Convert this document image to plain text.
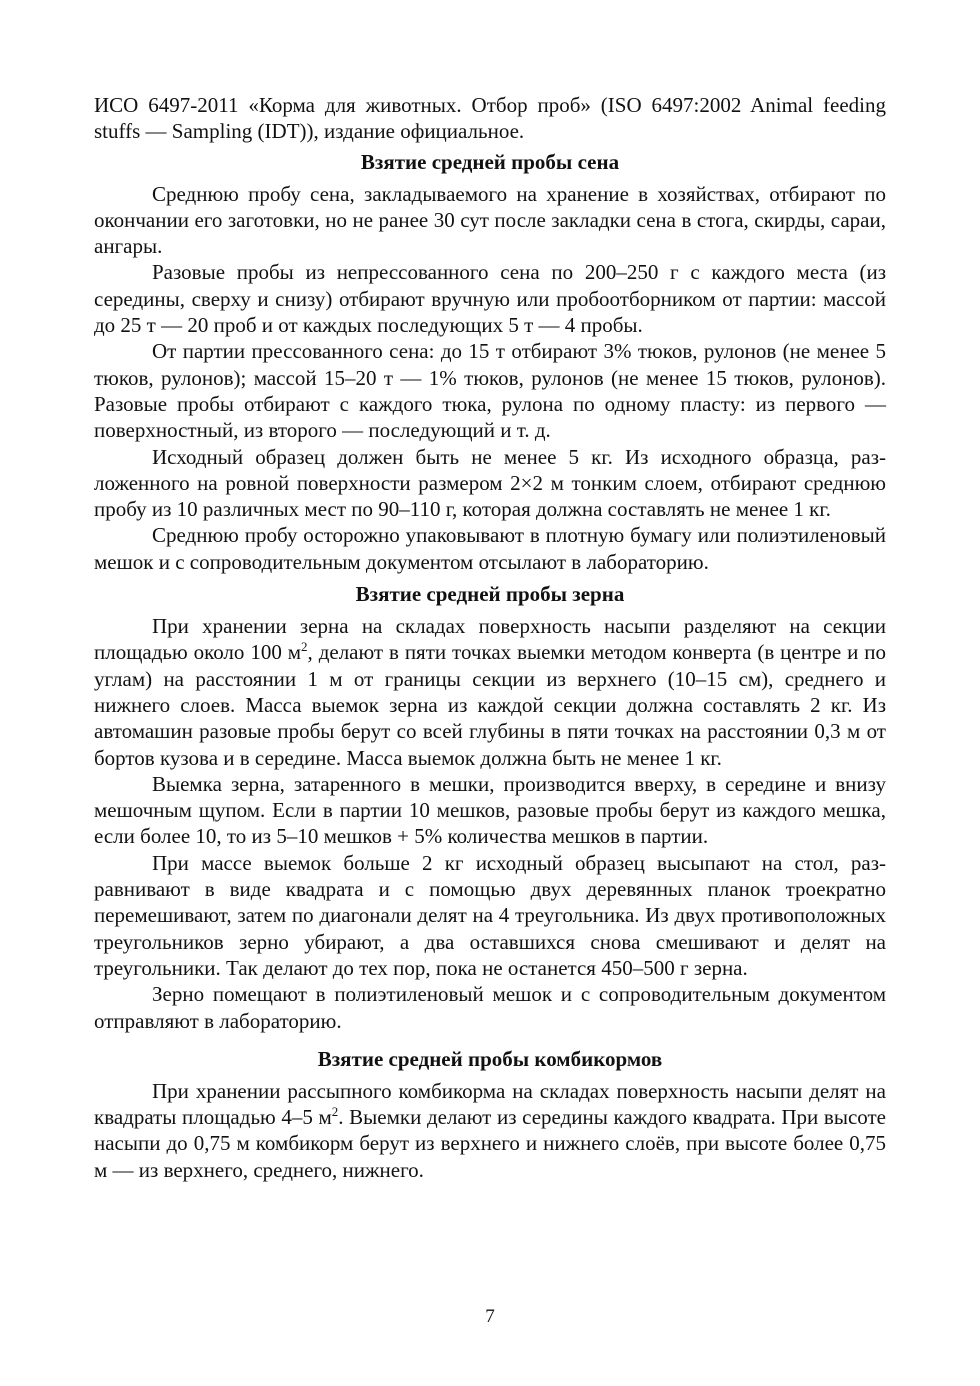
ИСО 6497-2011 «Корма для животных. Отбор проб» (ISO 6497:2002 Animal feeding stuffs — Sampling (IDT)), издание официальное.

Взятие средней пробы сена

Среднюю пробу сена, закладываемого на хранение в хозяйствах, отбирают по окончании его заготовки, но не ранее 30 сут после закладки сена в стога, скирды, сараи, ангары.

Разовые пробы из непрессованного сена по 200–250 г с каждого места (из середины, сверху и снизу) отбирают вручную или пробоотборником от партии: массой до 25 т — 20 проб и от каждых последующих 5 т — 4 пробы.

От партии прессованного сена: до 15 т отбирают 3% тюков, рулонов (не менее 5 тюков, рулонов); массой 15–20 т — 1% тюков, рулонов (не менее 15 тюков, рулонов). Разовые пробы отбирают с каждого тюка, рулона по одному пласту: из первого — поверхностный, из второго — последующий и т. д.

Исходный образец должен быть не менее 5 кг. Из исходного образца, разложенного на ровной поверхности размером 2×2 м тонким слоем, отбирают среднюю пробу из 10 различных мест по 90–110 г, которая должна составлять не менее 1 кг.

Среднюю пробу осторожно упаковывают в плотную бумагу или полиэтиленовый мешок и с сопроводительным документом отсылают в лабораторию.

Взятие средней пробы зерна

При хранении зерна на складах поверхность насыпи разделяют на секции площадью около 100 $м^2$, делают в пяти точках выемки методом конверта (в центре и по углам) на расстоянии 1 м от границы секции из верхнего (10–15 см), среднего и нижнего слоев. Масса выемок зерна из каждой секции должна составлять 2 кг. Из автомашин разовые пробы берут со всей глубины в пяти точках на расстоянии 0,3 м от бортов кузова и в середине. Масса выемок должна быть не менее 1 кг.

Выемка зерна, затаренного в мешки, производится вверху, в середине и внизу мешочным щупом. Если в партии 10 мешков, разовые пробы берут из каждого мешка, если более 10, то из 5–10 мешков + 5% количества мешков в партии.

При массе выемок больше 2 кг исходный образец высыпают на стол, разравнивают в виде квадрата и с помощью двух деревянных планок троекратно перемешивают, затем по диагонали делят на 4 треугольника. Из двух противоположных треугольников зерно убирают, а два оставшихся снова смешивают и делят на треугольники. Так делают до тех пор, пока не останется 450–500 г зерна.

Зерно помещают в полиэтиленовый мешок и с сопроводительным документом отправляют в лабораторию.

Взятие средней пробы комбикормов

При хранении рассыпного комбикорма на складах поверхность насыпи делят на квадраты площадью 4–5 $м^2$. Выемки делают из середины каждого квадрата. При высоте насыпи до 0,75 м комбикорм берут из верхнего и нижнего слоёв, при высоте более 0,75 м — из верхнего, среднего, нижнего.

7
